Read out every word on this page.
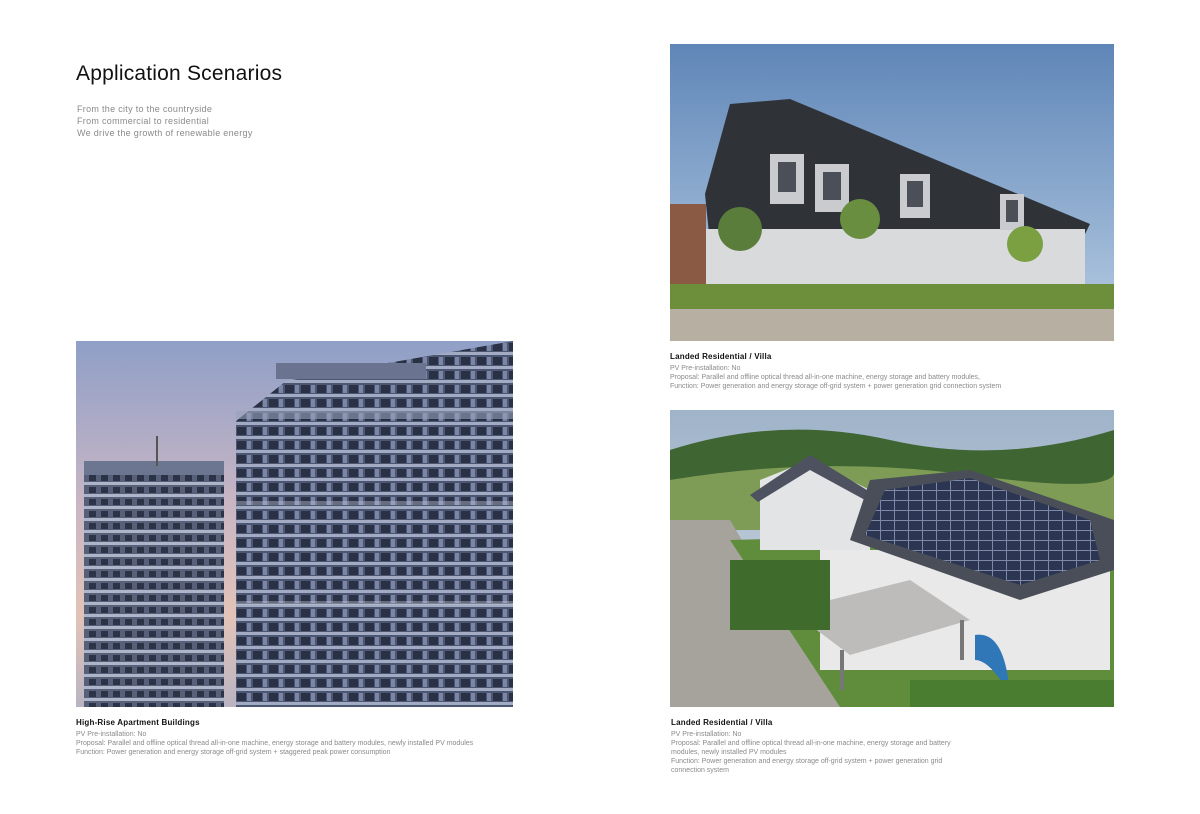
Application Scenarios
From the city to the countryside
From commercial to residential
We drive the growth of renewable energy
Landed Residential / Villa
PV Pre-installation: No
Proposal: Parallel and offline optical thread all-in-one machine, energy storage and battery modules,
Function: Power generation and energy storage off-grid system + power generation grid connection system
High-Rise Apartment Buildings
PV Pre-installation: No
Proposal: Parallel and offline optical thread all-in-one machine, energy storage and battery modules, newly installed PV modules
Function: Power generation and energy storage off-grid system + staggered peak power consumption
Landed Residential / Villa
PV Pre-installation: No
Proposal: Parallel and offline optical thread all-in-one machine, energy storage and battery
modules, newly installed PV modules
Function: Power generation and energy storage off-grid system + power generation grid
connection system
